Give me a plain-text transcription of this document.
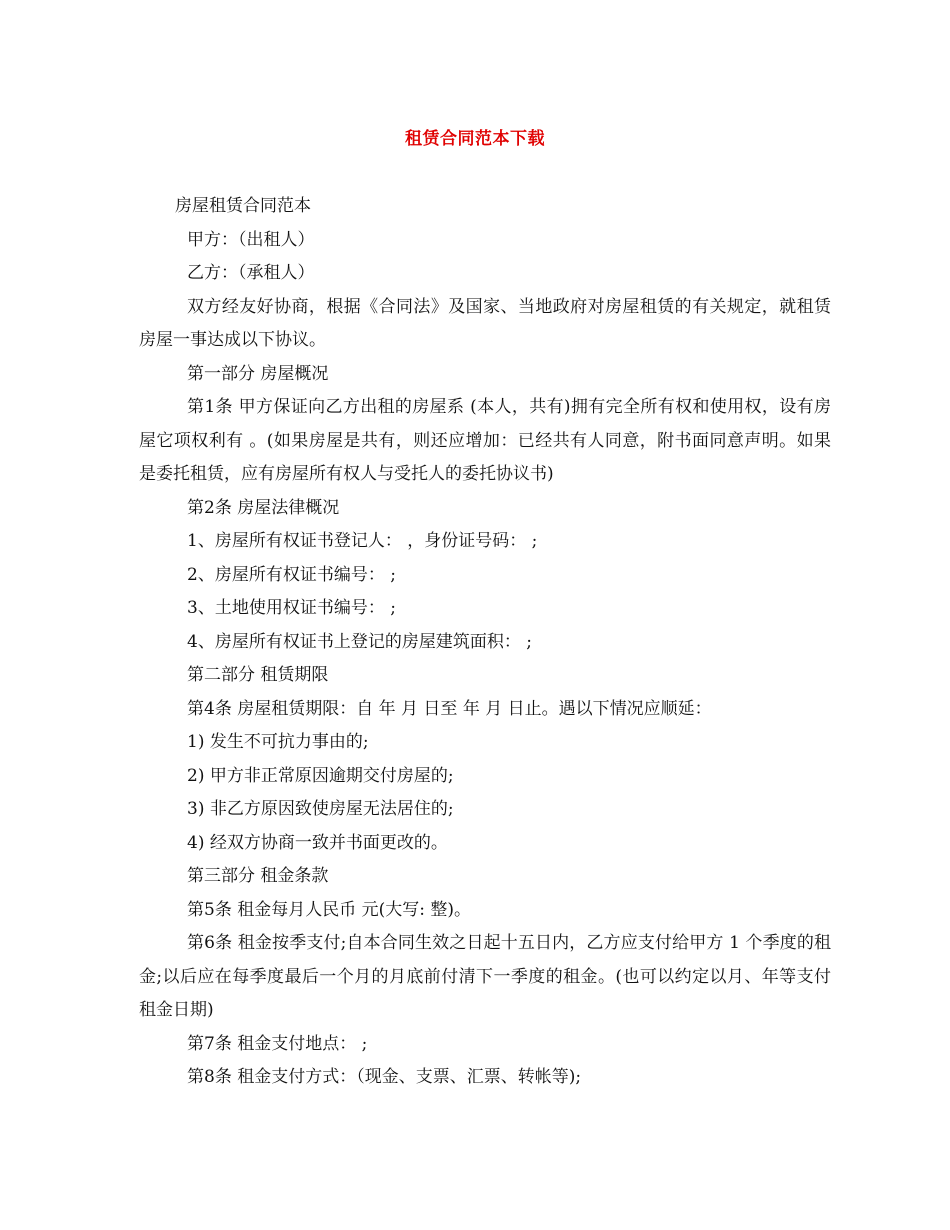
租赁合同范本下载

房屋租赁合同范本

甲方：（出租人）

乙方：（承租人）

双方经友好协商，根据《合同法》及国家、当地政府对房屋租赁的有关规定，就租赁房屋一事达成以下协议。

第一部分 房屋概况

第1条 甲方保证向乙方出租的房屋系 (本人，共有)拥有完全所有权和使用权，设有房屋它项权利有 。(如果房屋是共有，则还应增加：已经共有人同意，附书面同意声明。如果是委托租赁，应有房屋所有权人与受托人的委托协议书)

第2条 房屋法律概况

1、房屋所有权证书登记人： ，身份证号码： ;

2、房屋所有权证书编号： ;

3、土地使用权证书编号： ;

4、房屋所有权证书上登记的房屋建筑面积： ;

第二部分 租赁期限

第4条 房屋租赁期限：自 年 月 日至 年 月 日止。遇以下情况应顺延：

1) 发生不可抗力事由的;

2) 甲方非正常原因逾期交付房屋的;

3) 非乙方原因致使房屋无法居住的;

4) 经双方协商一致并书面更改的。

第三部分 租金条款

第5条 租金每月人民币 元(大写: 整)。

第6条 租金按季支付;自本合同生效之日起十五日内，乙方应支付给甲方 1 个季度的租金;以后应在每季度最后一个月的月底前付清下一季度的租金。(也可以约定以月、年等支付租金日期)

第7条 租金支付地点： ;

第8条 租金支付方式：（现金、支票、汇票、转帐等);
